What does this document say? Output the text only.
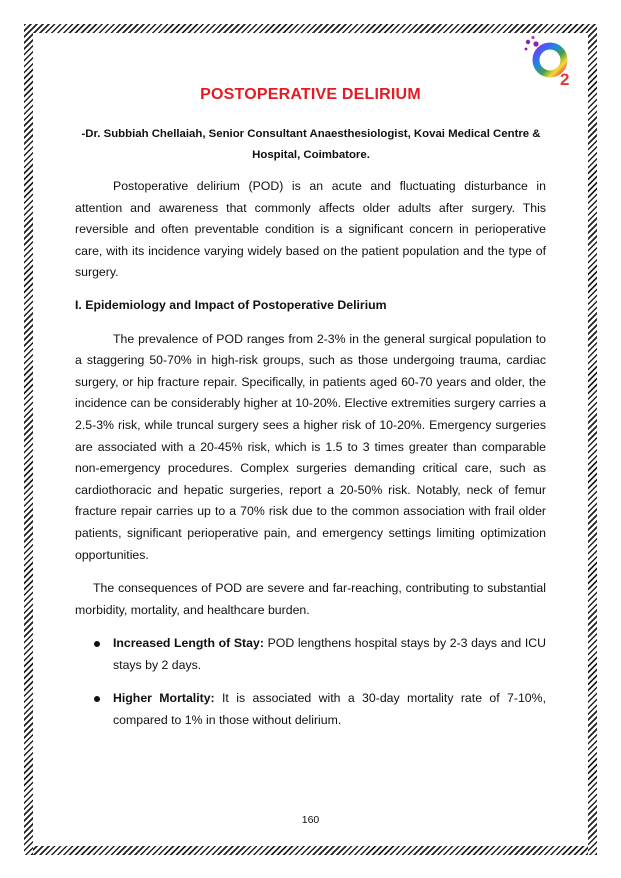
2
POSTOPERATIVE DELIRIUM
-Dr. Subbiah Chellaiah, Senior Consultant Anaesthesiologist, Kovai Medical Centre & Hospital, Coimbatore.

Postoperative delirium (POD) is an acute and fluctuating disturbance in attention and awareness that commonly affects older adults after surgery. This reversible and often preventable condition is a significant concern in perioperative care, with its incidence varying widely based on the patient population and the type of surgery.

I. Epidemiology and Impact of Postoperative Delirium

The prevalence of POD ranges from 2-3% in the general surgical population to a staggering 50-70% in high-risk groups, such as those undergoing trauma, cardiac surgery, or hip fracture repair. Specifically, in patients aged 60-70 years and older, the incidence can be considerably higher at 10-20%. Elective extremities surgery carries a 2.5-3% risk, while truncal surgery sees a higher risk of 10-20%. Emergency surgeries are associated with a 20-45% risk, which is 1.5 to 3 times greater than comparable non-emergency procedures. Complex surgeries demanding critical care, such as cardiothoracic and hepatic surgeries, report a 20-50% risk. Notably, neck of femur fracture repair carries up to a 70% risk due to the common association with frail older patients, significant perioperative pain, and emergency settings limiting optimization opportunities.

The consequences of POD are severe and far-reaching, contributing to substantial morbidity, mortality, and healthcare burden.

Increased Length of Stay: POD lengthens hospital stays by 2-3 days and ICU stays by 2 days.
Higher Mortality: It is associated with a 30-day mortality rate of 7-10%, compared to 1% in those without delirium.
160
